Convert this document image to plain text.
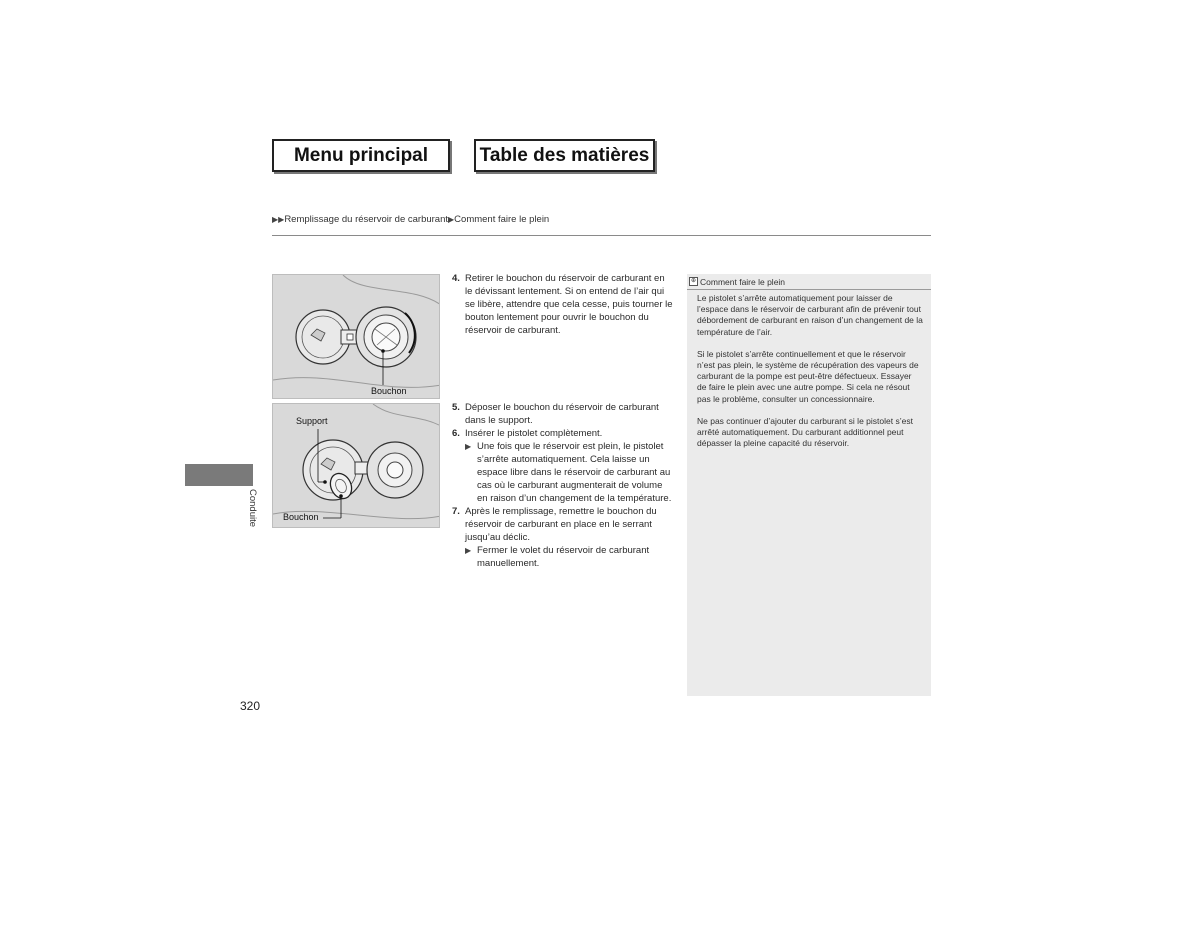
Menu principal	Table des matières
▶▶Remplissage du réservoir de carburant▶Comment faire le plein
Bouchon
Support
Bouchon
4. Retirer le bouchon du réservoir de carburant en le dévissant lentement. Si on entend de l’air qui se libère, attendre que cela cesse, puis tourner le bouton lentement pour ouvrir le bouchon du réservoir de carburant.
5. Déposer le bouchon du réservoir de carburant dans le support.
6. Insérer le pistolet complètement.
▶ Une fois que le réservoir est plein, le pistolet s’arrête automatiquement. Cela laisse un espace libre dans le réservoir de carburant au cas où le carburant augmenterait de volume en raison d’un changement de la température.
7. Après le remplissage, remettre le bouchon du réservoir de carburant en place en le serrant jusqu’au déclic.
▶ Fermer le volet du réservoir de carburant manuellement.
⊕ Comment faire le plein

Le pistolet s’arrête automatiquement pour laisser de l’espace dans le réservoir de carburant afin de prévenir tout débordement de carburant en raison d’un changement de la température de l’air.

Si le pistolet s’arrête continuellement et que le réservoir n’est pas plein, le système de récupération des vapeurs de carburant de la pompe est peut-être défectueux. Essayer de faire le plein avec une autre pompe. Si cela ne résout pas le problème, consulter un concessionnaire.

Ne pas continuer d’ajouter du carburant si le pistolet s’est arrêté automatiquement. Du carburant additionnel peut dépasser la pleine capacité du réservoir.

Conduite
320
